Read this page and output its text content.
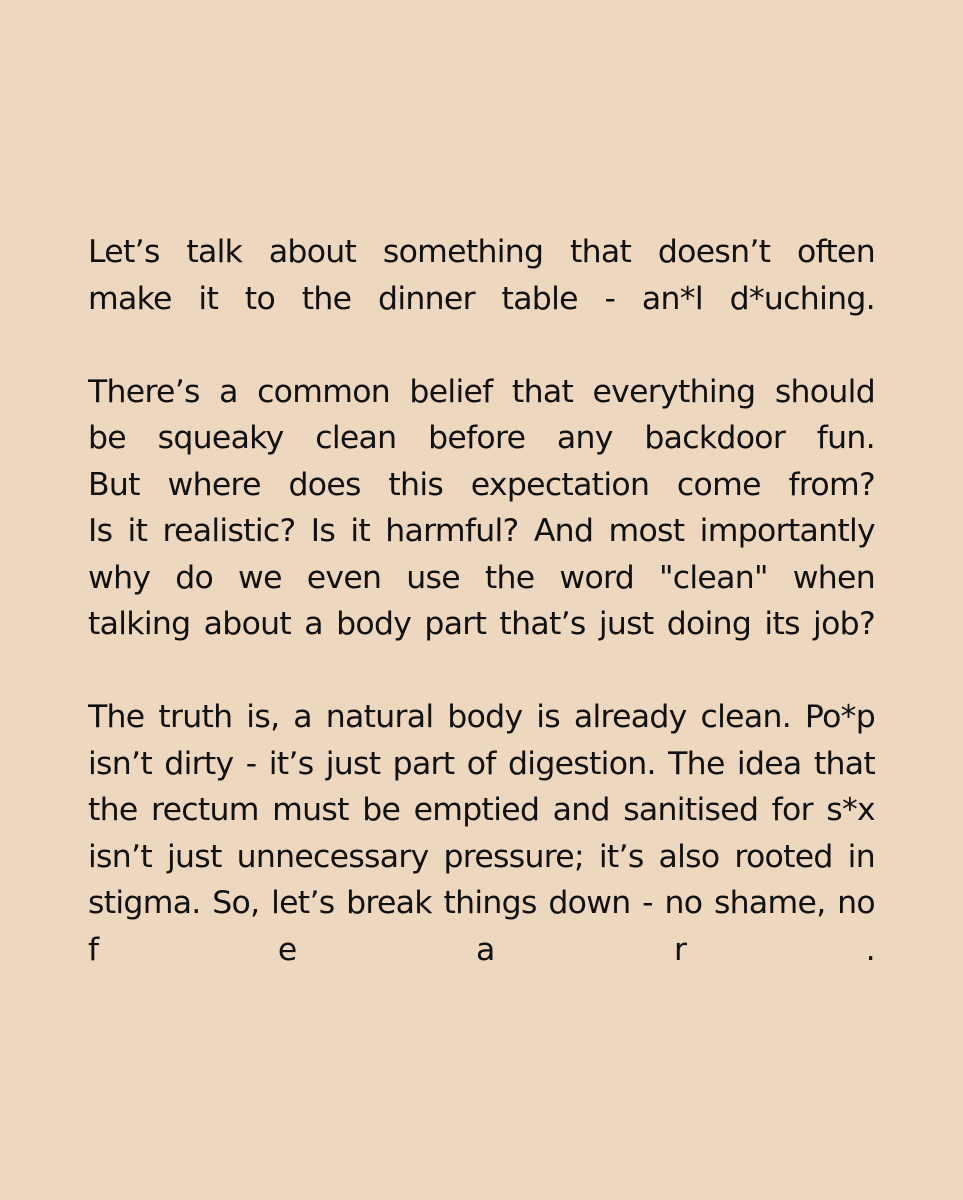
Let’s talk about something that doesn’t often
make it to the dinner table - an*l d*uching.
There’s a common belief that everything should
be squeaky clean before any backdoor fun.
But where does this expectation come from?
Is it realistic? Is it harmful? And most importantly
why do we even use the word "clean" when
talking about a body part that’s just doing its job?
The truth is, a natural body is already clean. Po*p
isn’t dirty - it’s just part of digestion. The idea that
the rectum must be emptied and sanitised for s*x
isn’t just unnecessary pressure; it’s also rooted in
stigma. So, let’s break things down - no shame, no
f e a r .
